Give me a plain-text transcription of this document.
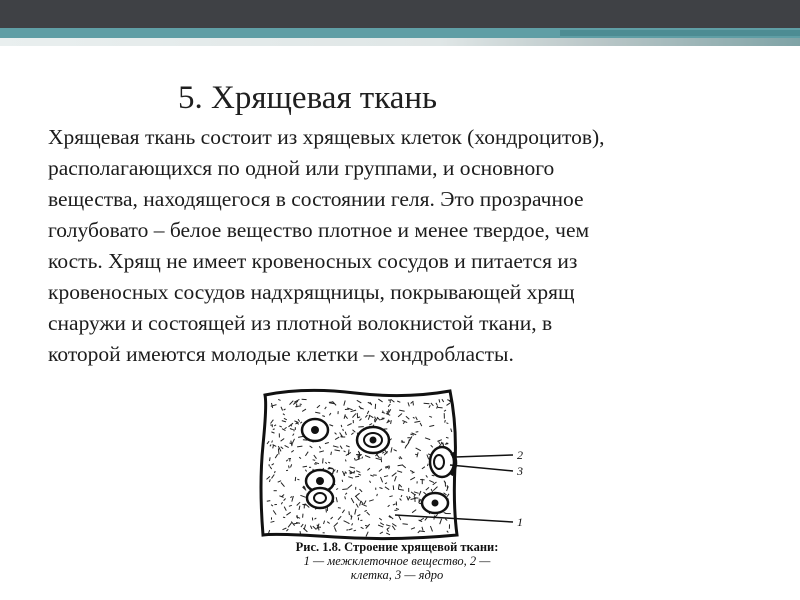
5. Хрящевая ткань
Хрящевая ткань состоит из хрящевых клеток (хондроцитов),
располагающихся по одной или группами, и основного
вещества, находящегося в состоянии геля. Это прозрачное
голубовато – белое вещество плотное и менее твердое, чем
кость. Хрящ не имеет кровеносных сосудов и питается из
кровеносных сосудов надхрящницы, покрывающей хрящ
снаружи и состоящей из плотной волокнистой ткани, в
которой имеются молодые клетки – хондробласты.
2
3
1
Рис. 1.8. Строение хрящевой ткани:
1 — межклеточное вещество, 2 —
клетка, 3 — ядро
